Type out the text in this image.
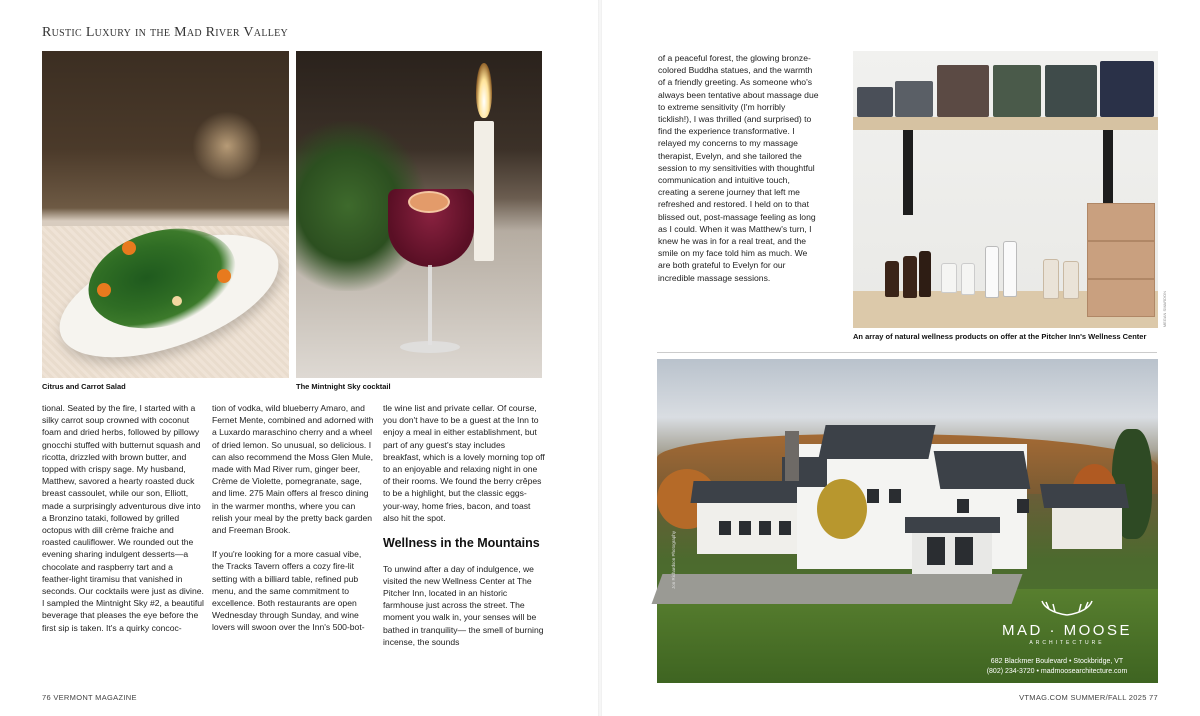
Rustic Luxury in the Mad River Valley
Citrus and Carrot Salad	The Mintnight Sky cocktail

tional. Seated by the fire, I started with a silky carrot soup crowned with coconut foam and dried herbs, followed by pillowy gnocchi stuffed with butternut squash and ricotta, drizzled with brown butter, and topped with crispy sage. My husband, Matthew, savored a hearty roasted duck breast cassoulet, while our son, Elliott, made a surprisingly adventurous dive into a Bronzino tataki, followed by grilled octopus with dill crème fraiche and roasted cauliflower. We rounded out the evening sharing indulgent desserts—a chocolate and raspberry tart and a feather-light tiramisu that vanished in seconds. Our cocktails were just as divine. I sampled the Mintnight Sky #2, a beautiful beverage that pleases the eye before the first sip is taken. It's a quirky concoc-

tion of vodka, wild blueberry Amaro, and Fernet Mente, combined and adorned with a Luxardo maraschino cherry and a wheel of dried lemon. So unusual, so delicious. I can also recommend the Moss Glen Mule, made with Mad River rum, ginger beer, Crème de Violette, pomegranate, sage, and lime. 275 Main offers al fresco dining in the warmer months, where you can relish your meal by the pretty back garden and Freeman Brook.

If you're looking for a more casual vibe, the Tracks Tavern offers a cozy fire-lit setting with a billiard table, refined pub menu, and the same commitment to excellence. Both restaurants are open Wednesday through Sunday, and wine lovers will swoon over the Inn's 500-bot-

tle wine list and private cellar. Of course, you don't have to be a guest at the Inn to enjoy a meal in either establishment, but part of any guest's stay includes breakfast, which is a lovely morning top off to an enjoyable and relaxing night in one of their rooms. We found the berry crêpes to be a highlight, but the classic eggs-your-way, home fries, bacon, and toast also hit the spot.

Wellness in the Mountains

To unwind after a day of indulgence, we visited the new Wellness Center at The Pitcher Inn, located in an historic farmhouse just across the street. The moment you walk in, your senses will be bathed in tranquility— the smell of burning incense, the sounds

76 VERMONT MAGAZINE

of a peaceful forest, the glowing bronze-colored Buddha statues, and the warmth of a friendly greeting. As someone who's always been tentative about massage due to extreme sensitivity (I'm horribly ticklish!), I was thrilled (and surprised) to find the experience transformative. I relayed my concerns to my massage therapist, Evelyn, and she tailored the session to my sensitivities with thoughtful communication and intuitive touch, creating a serene journey that left me refreshed and restored. I held on to that blissed out, post-massage feeling as long as I could. When it was Matthew's turn, I knew he was in for a real treat, and the smile on my face told him as much. We are both grateful to Evelyn for our incredible massage sessions.

MEGAN SMARDON
An array of natural wellness products on offer at the Pitcher Inn's Wellness Center
Jon Richardson Photography
MAD · MOOSE
ARCHITECTURE
682 Blackmer Boulevard • Stockbridge, VT
(802) 234-3720 • madmoosearchitecture.com
VTMAG.COM SUMMER/FALL 2025 77
